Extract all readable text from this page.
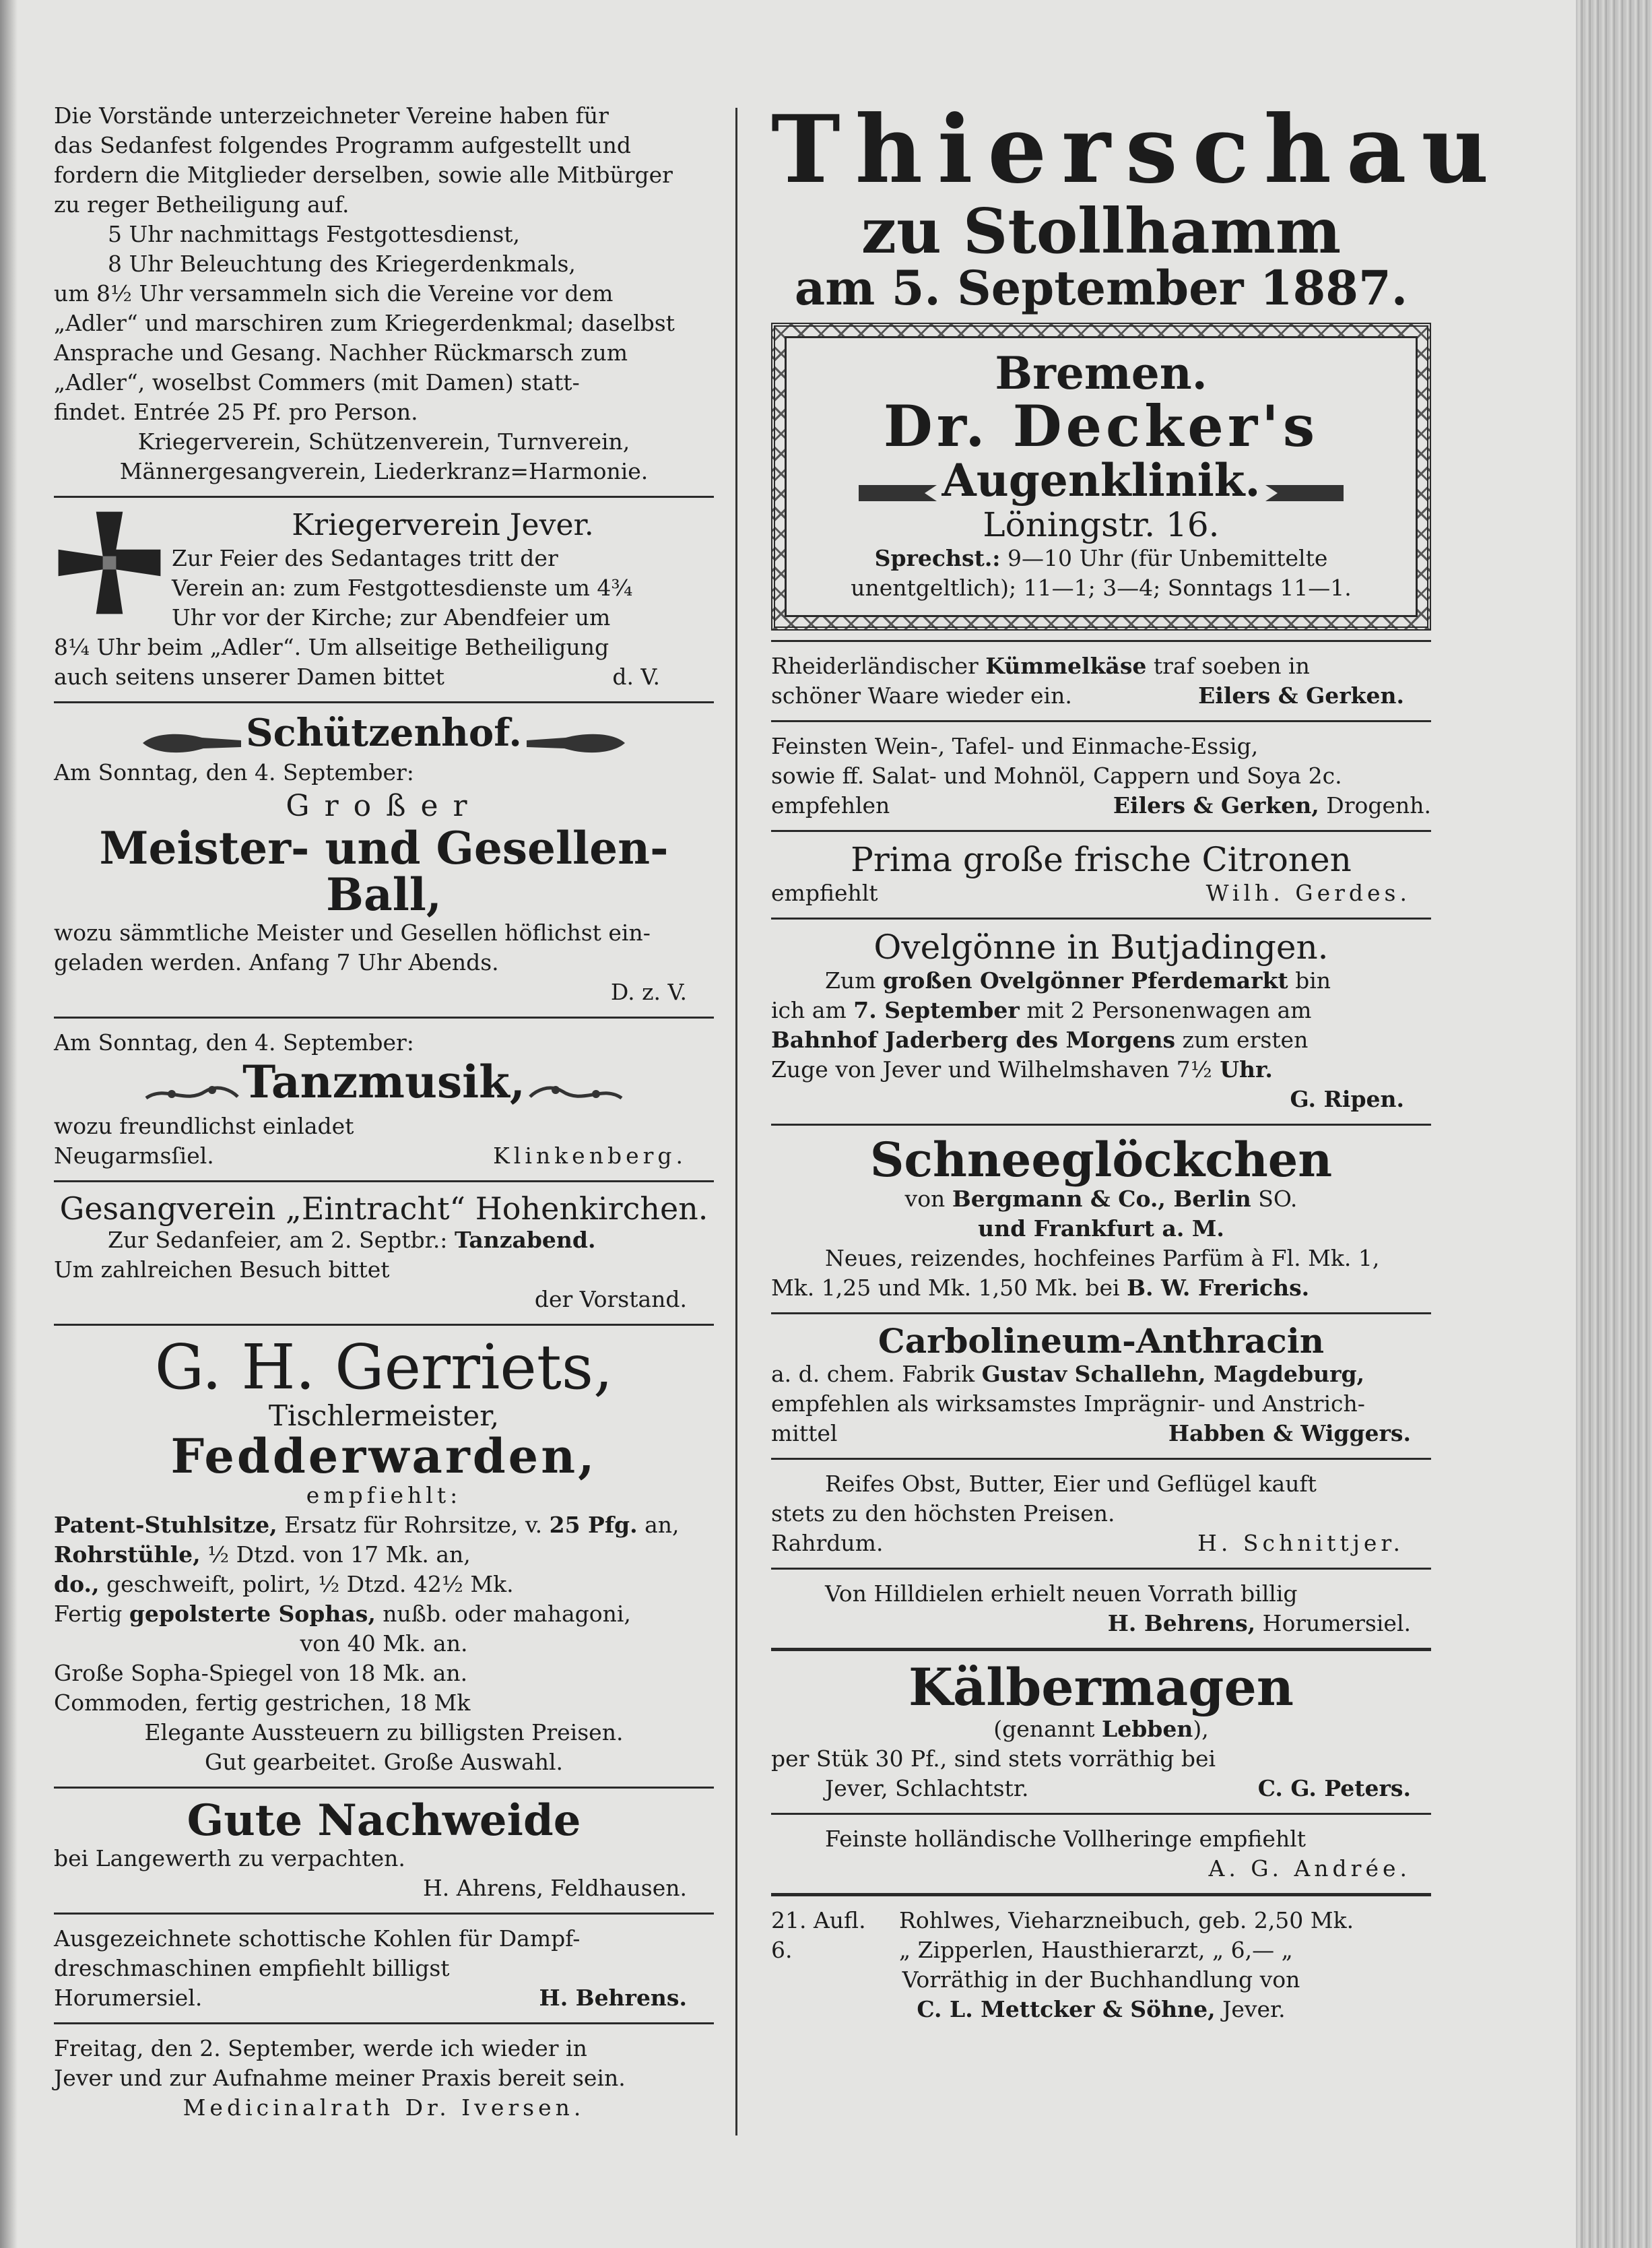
Die Vorstände unterzeichneter Vereine haben für

das Sedanfest folgendes Programm aufgestellt und

fordern die Mitglieder derselben, sowie alle Mitbürger

zu reger Betheiligung auf.

5 Uhr nachmittags Festgottesdienst,

8 Uhr Beleuchtung des Kriegerdenkmals,

um 8½ Uhr versammeln sich die Vereine vor dem

„Adler“ und marschiren zum Kriegerdenkmal; daselbst

Ansprache und Gesang. Nachher Rückmarsch zum

„Adler“, woselbst Commers (mit Damen) statt-

findet. Entrée 25 Pf. pro Person.

Kriegerverein, Schützenverein, Turnverein,

Männergesangverein, Liederkranz=Harmonie.

Kriegerverein Jever.

Zur Feier des Sedantages tritt der

Verein an: zum Festgottesdienste um 4¾

Uhr vor der Kirche; zur Abendfeier um

8¼ Uhr beim „Adler“. Um allseitige Betheiligung

auch seitens unserer Damen bittet	d. V.
Schützenhof.

Am Sonntag, den 4. September:

Großer

Meister- und Gesellen-Ball,

wozu sämmtliche Meister und Gesellen höflichst ein-

geladen werden. Anfang 7 Uhr Abends.

D. z. V.

Am Sonntag, den 4. September:

Tanzmusik,

wozu freundlichst einladet

Neugarmsſiel.	Klinkenberg.

Gesangverein „Eintracht“ Hohenkirchen.

Zur Sedanfeier, am 2. Septbr.: Tanzabend.

Um zahlreichen Besuch bittet

der Vorstand.

G. H. Gerriets,

Tischlermeister,

Fedderwarden,

empfiehlt:

Patent-Stuhlsitze, Ersatz für Rohrsitze, v. 25 Pfg. an,

Rohrstühle, ½ Dtzd. von 17 Mk. an,

do., geschweift, polirt, ½ Dtzd. 42½ Mk.

Fertig gepolsterte Sophas, nußb. oder mahagoni,

von 40 Mk. an.

Große Sopha-Spiegel von 18 Mk. an.

Commoden, fertig gestrichen, 18 Mk

Elegante Aussteuern zu billigsten Preisen.

Gut gearbeitet. Große Auswahl.

Gute Nachweide

bei Langewerth zu verpachten.

H. Ahrens, Feldhausen.

Ausgezeichnete schottische Kohlen für Dampf-

dreschmaschinen empfiehlt billigst

Horumersiel.	H. Behrens.

Freitag, den 2. September, werde ich wieder in

Jever und zur Aufnahme meiner Praxis bereit sein.

Medicinalrath Dr. Iversen.

Thierschau

zu Stollhamm

am 5. September 1887.

Bremen.

Dr. Decker's

Augenklinik.

Löningstr. 16.

Sprechst.: 9—10 Uhr (für Unbemittelte

unentgeltlich); 11—1; 3—4; Sonntags 11—1.

Rheiderländischer Kümmelkäse traf soeben in

schöner Waare wieder ein.	Eilers & Gerken.

Feinsten Wein-, Tafel- und Einmache-Essig,

sowie ff. Salat- und Mohnöl, Cappern und Soya 2c.

empfehlen	Eilers & Gerken, Drogenh.

Prima große frische Citronen

empfiehlt	Wilh. Gerdes.

Ovelgönne in Butjadingen.

Zum großen Ovelgönner Pferdemarkt bin

ich am 7. September mit 2 Personenwagen am

Bahnhof Jaderberg des Morgens zum ersten

Zuge von Jever und Wilhelmshaven 7½ Uhr.

G. Ripen.

Schneeglöckchen

von Bergmann & Co., Berlin SO.

und Frankfurt a. M.

Neues, reizendes, hochfeines Parfüm à Fl. Mk. 1,

Mk. 1,25 und Mk. 1,50 Mk. bei B. W. Frerichs.

Carbolineum-Anthracin

a. d. chem. Fabrik Gustav Schallehn, Magdeburg,

empfehlen als wirksamstes Imprägnir- und Anstrich-

mittel	Habben & Wiggers.

Reifes Obst, Butter, Eier und Geflügel kauft

stets zu den höchsten Preisen.

Rahrdum.	H. Schnittjer.

Von Hilldielen erhielt neuen Vorrath billig

H. Behrens, Horumersiel.

Kälbermagen

(genannt Lebben),

per Stük 30 Pf., sind stets vorräthig bei

Jever, Schlachtstr.	C. G. Peters.

Feinste holländische Vollheringe empfiehlt

A. G. Andrée.

21. Aufl. Rohlwes, Vieharzneibuch, geb. 2,50 Mk.

6.	„ Zipperlen, Hausthierarzt, „ 6,— „

Vorräthig in der Buchhandlung von

C. L. Mettcker & Söhne, Jever.
